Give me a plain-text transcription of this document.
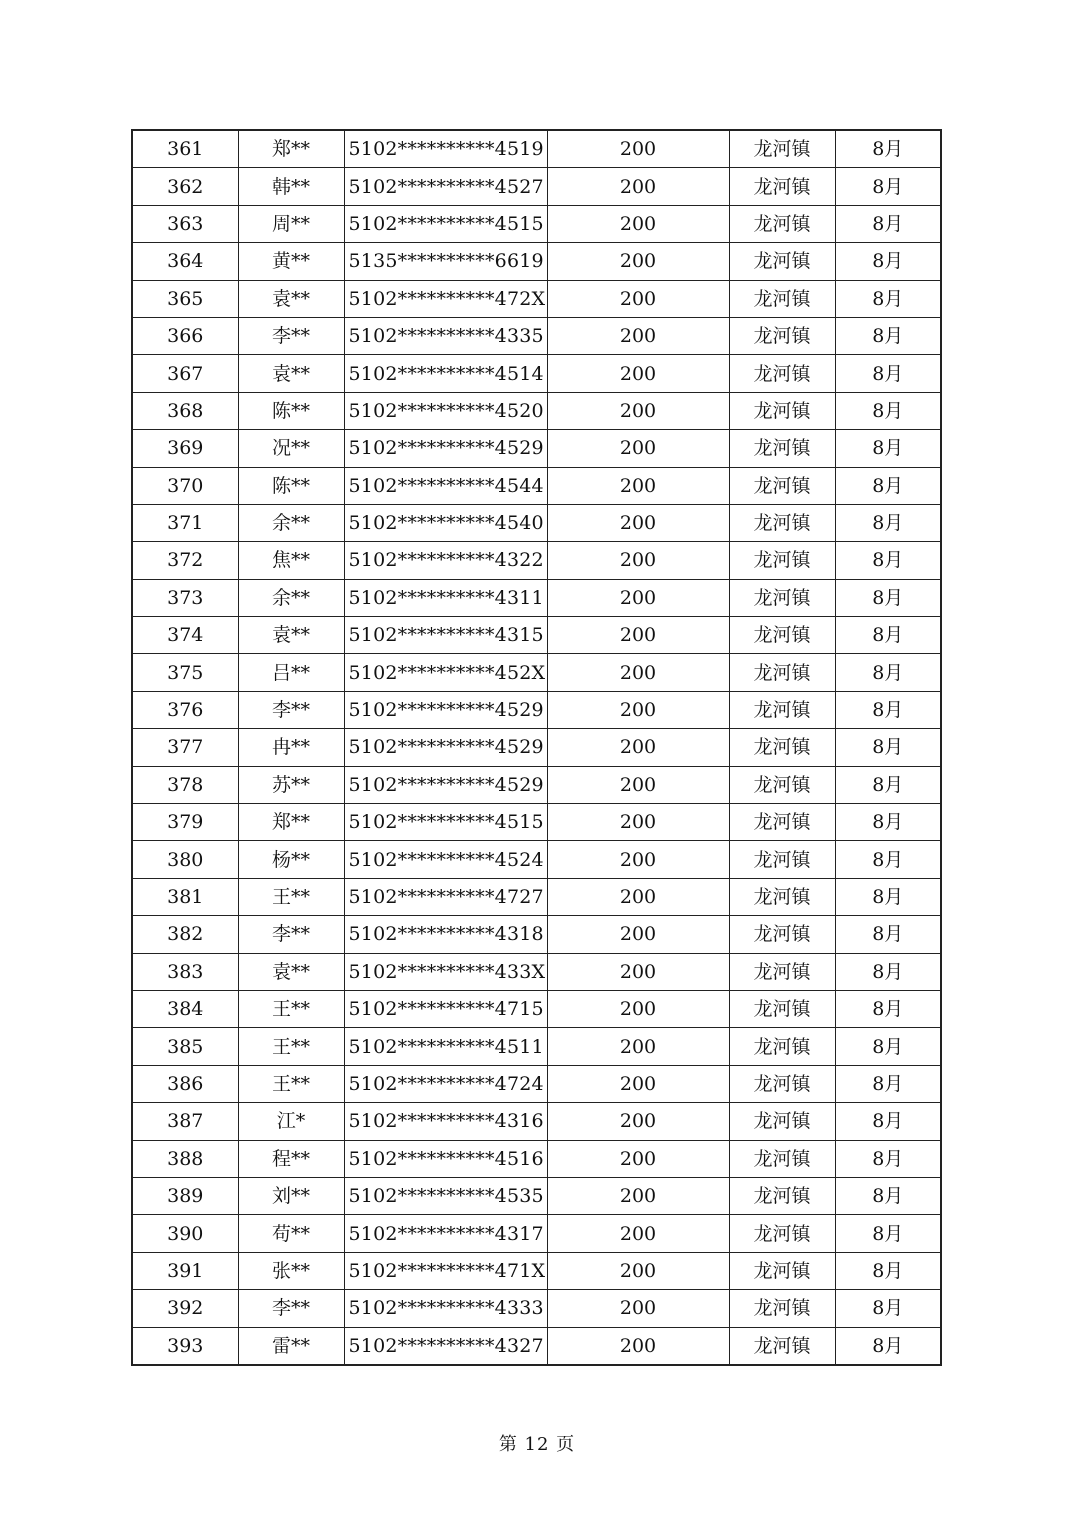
361	郑**	5102**********4519	200	龙河镇	8月
362	韩**	5102**********4527	200	龙河镇	8月
363	周**	5102**********4515	200	龙河镇	8月
364	黄**	5135**********6619	200	龙河镇	8月
365	袁**	5102**********472X	200	龙河镇	8月
366	李**	5102**********4335	200	龙河镇	8月
367	袁**	5102**********4514	200	龙河镇	8月
368	陈**	5102**********4520	200	龙河镇	8月
369	况**	5102**********4529	200	龙河镇	8月
370	陈**	5102**********4544	200	龙河镇	8月
371	余**	5102**********4540	200	龙河镇	8月
372	焦**	5102**********4322	200	龙河镇	8月
373	余**	5102**********4311	200	龙河镇	8月
374	袁**	5102**********4315	200	龙河镇	8月
375	吕**	5102**********452X	200	龙河镇	8月
376	李**	5102**********4529	200	龙河镇	8月
377	冉**	5102**********4529	200	龙河镇	8月
378	苏**	5102**********4529	200	龙河镇	8月
379	郑**	5102**********4515	200	龙河镇	8月
380	杨**	5102**********4524	200	龙河镇	8月
381	王**	5102**********4727	200	龙河镇	8月
382	李**	5102**********4318	200	龙河镇	8月
383	袁**	5102**********433X	200	龙河镇	8月
384	王**	5102**********4715	200	龙河镇	8月
385	王**	5102**********4511	200	龙河镇	8月
386	王**	5102**********4724	200	龙河镇	8月
387	江*	5102**********4316	200	龙河镇	8月
388	程**	5102**********4516	200	龙河镇	8月
389	刘**	5102**********4535	200	龙河镇	8月
390	苟**	5102**********4317	200	龙河镇	8月
391	张**	5102**********471X	200	龙河镇	8月
392	李**	5102**********4333	200	龙河镇	8月
393	雷**	5102**********4327	200	龙河镇	8月
第 12 页
